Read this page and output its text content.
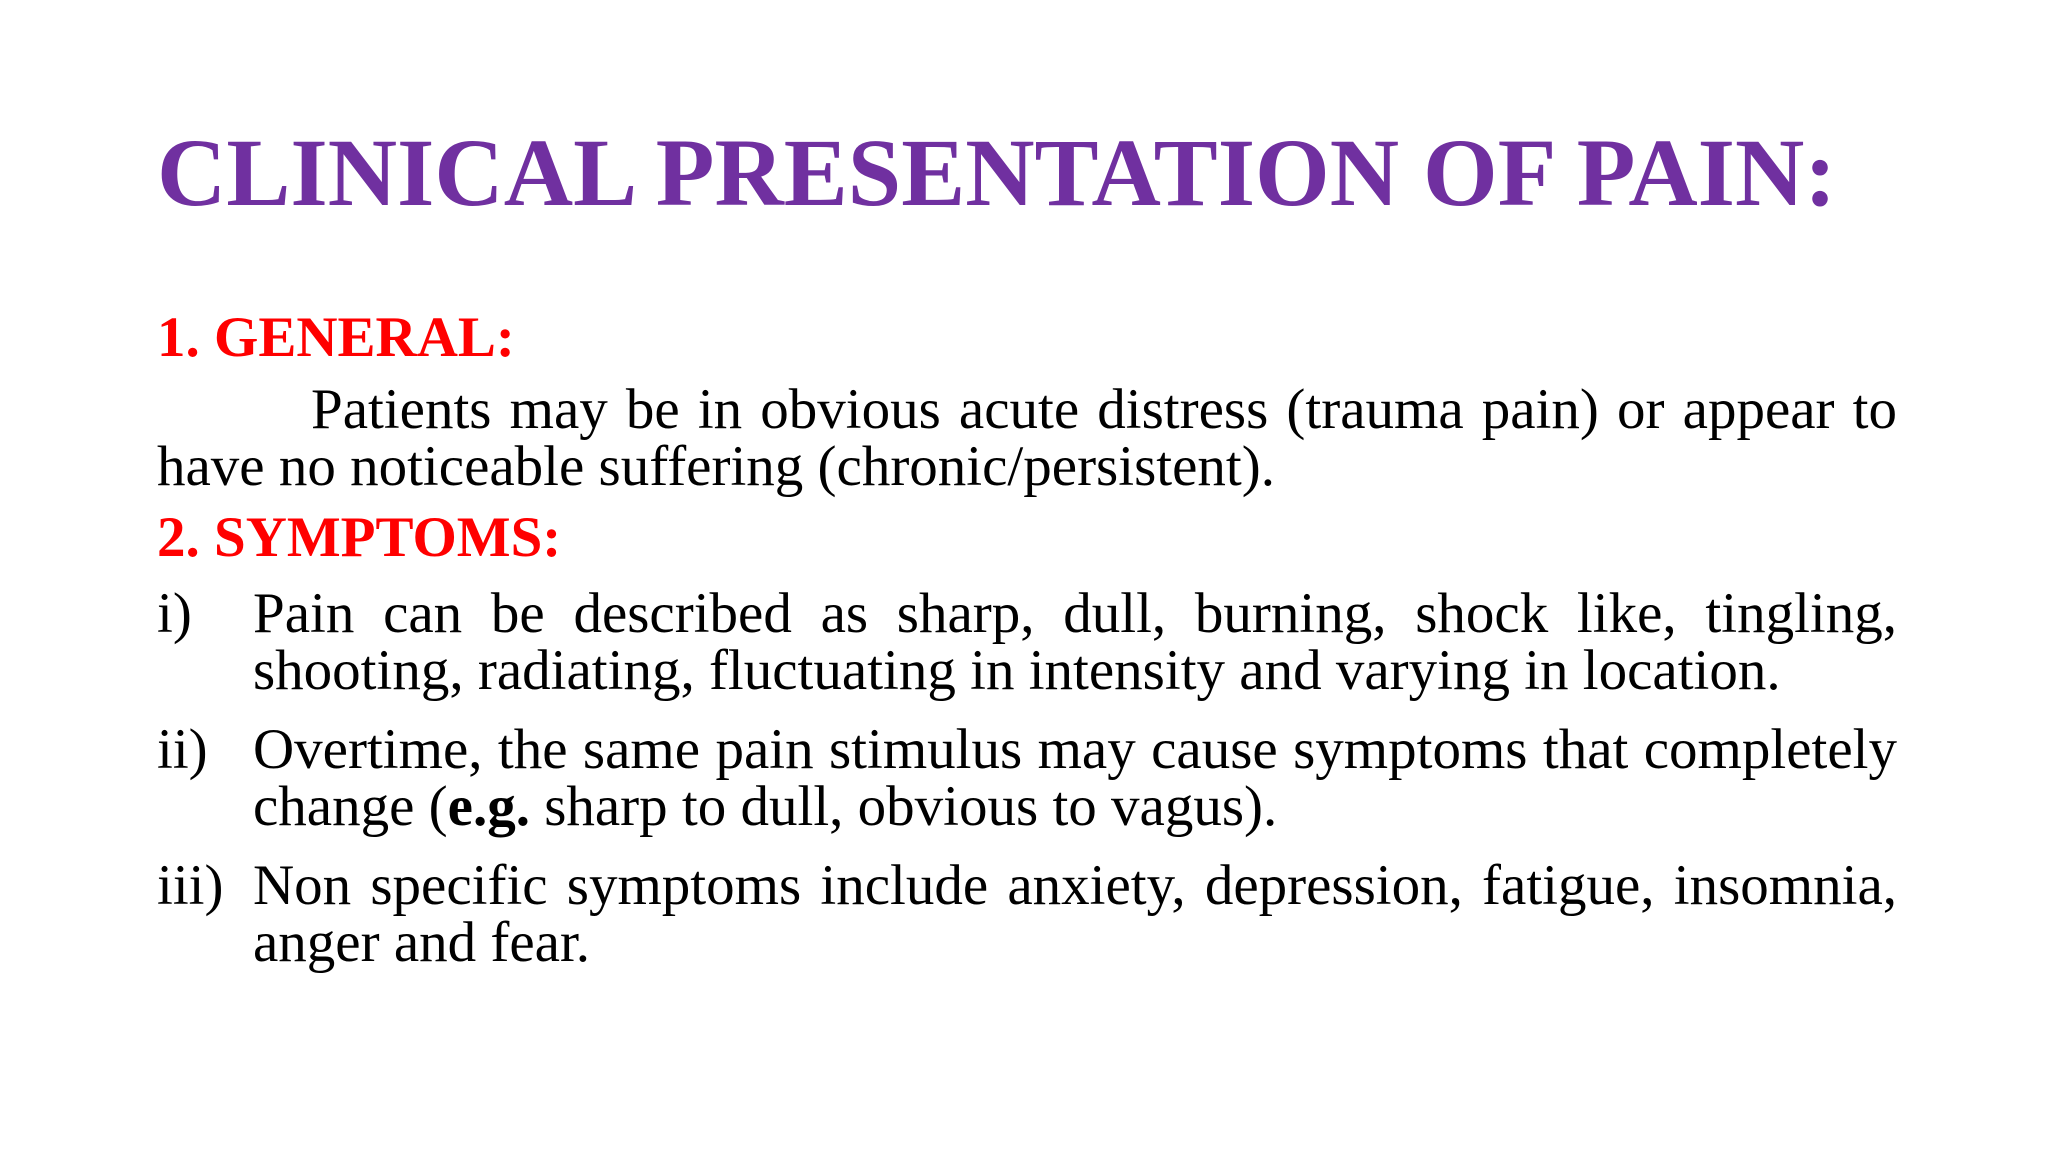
CLINICAL PRESENTATION OF PAIN:
1. GENERAL:

Patients may be in obvious acute distress (trauma pain) or appear to have no noticeable suffering (chronic/persistent).

2. SYMPTOMS:
i)	Pain can be described as sharp, dull, burning, shock like, tingling, shooting, radiating, fluctuating in intensity and varying in location.
ii) Overtime, the same pain stimulus may cause symptoms that completely change (e.g. sharp to dull, obvious to vagus).
iii) Non specific symptoms include anxiety, depression, fatigue, insomnia, anger and fear.
